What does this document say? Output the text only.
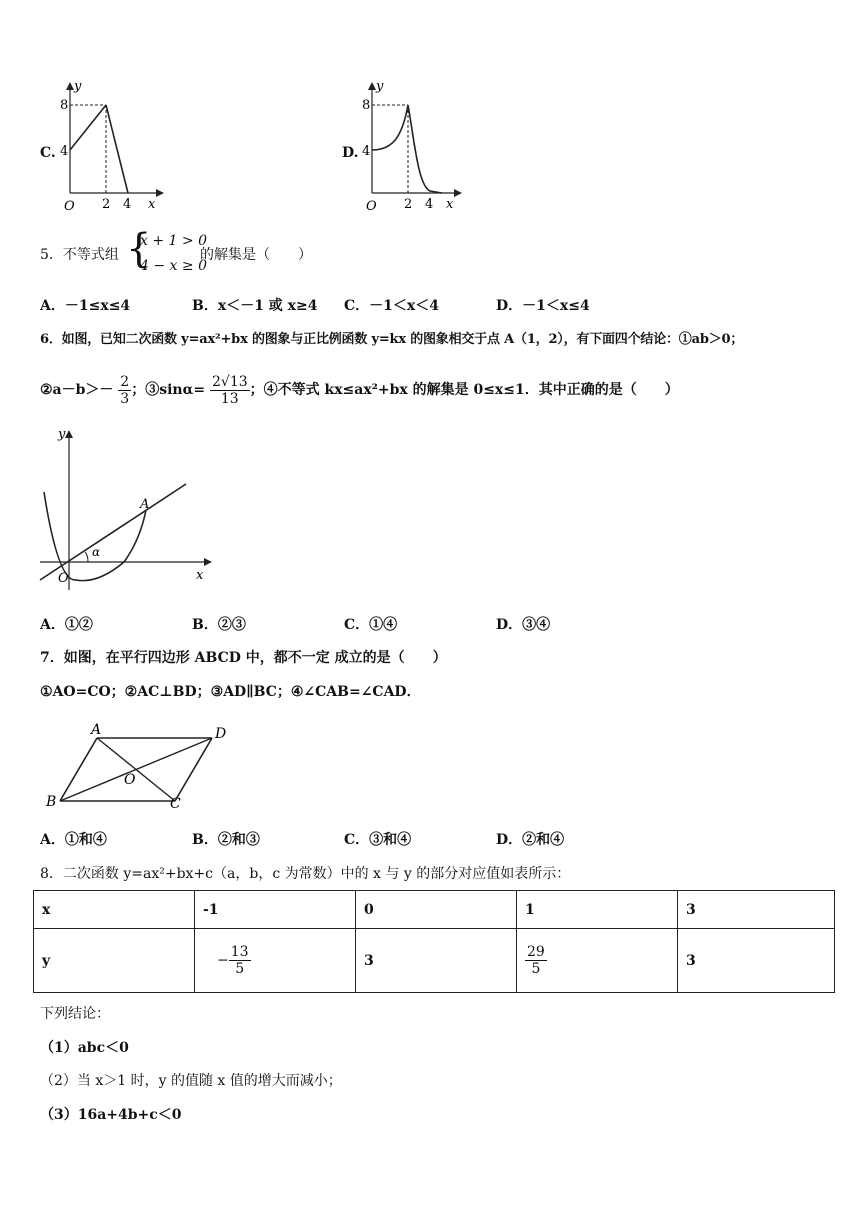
C.
y
x
O
8
4
2 4
D.
y
x
O
8
4
2 4
5．不等式组 {
x + 1 > 0
4 − x ≥ 0
的解集是（　　）
A．－1≤x≤4	B．x＜－1 或 x≥4 C．－1＜x＜4	D．－1＜x≤4
6．如图，已知二次函数 y=ax²+bx 的图象与正比例函数 y=kx 的图象相交于点 A（1，2），有下面四个结论：①ab＞0；
②a－b＞－ $\frac{2}{3}$ ；③sinα= $\frac{2√13}{13}$ ；④不等式 kx≤ax²+bx 的解集是 0≤x≤1．其中正确的是（　　）
y
x
O
A
α
A．①②	B．②③	C．①④	D．③④
7．如图，在平行四边形 ABCD 中，都不一定 成立的是（　　）
①AO=CO；②AC⊥BD；③AD∥BC；④∠CAB=∠CAD．
A
B	C
D
O
A．①和④	B．②和③	C．③和④	D．②和④
8．二次函数 y=ax²+bx+c（a，b，c 为常数）中的 x 与 y 的部分对应值如表所示：
x	-1	0	1	3
y	− $\frac{13}{5}$	3	$\frac{29}{5}$	3
下列结论：
（1）abc＜0
（2）当 x＞1 时，y 的值随 x 值的增大而减小；
（3）16a+4b+c＜0
